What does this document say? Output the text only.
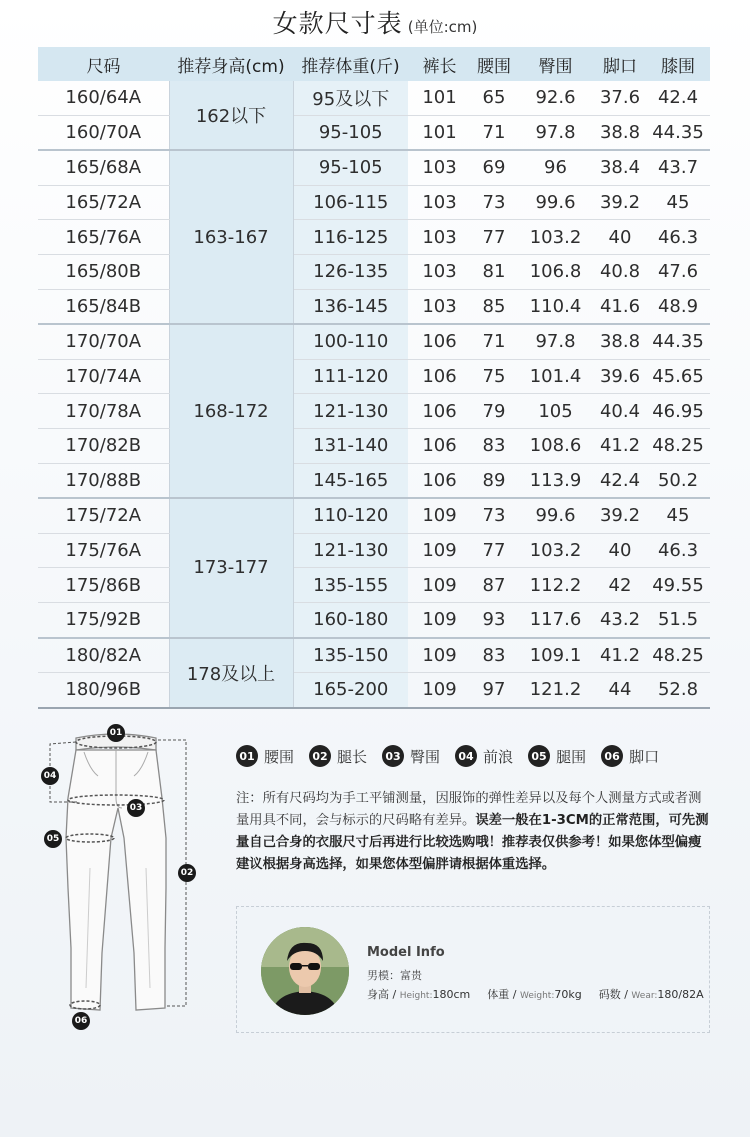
女款尺寸表 (单位:cm)
尺码	推荐身高(cm)	推荐体重(斤)	裤长	腰围	臀围	脚口	膝围
160/64A	162以下	95及以下	101	65	92.6	37.6	42.4
160/70A		95-105	101	71	97.8	38.8	44.35
165/68A	163-167	95-105	103	69	96	38.4	43.7
165/72A		106-115	103	73	99.6	39.2	45
165/76A		116-125	103	77	103.2	40	46.3
165/80B		126-135	103	81	106.8	40.8	47.6
165/84B		136-145	103	85	110.4	41.6	48.9
170/70A	168-172	100-110	106	71	97.8	38.8	44.35
170/74A		111-120	106	75	101.4	39.6	45.65
170/78A		121-130	106	79	105	40.4	46.95
170/82B		131-140	106	83	108.6	41.2	48.25
170/88B		145-165	106	89	113.9	42.4	50.2
175/72A	173-177	110-120	109	73	99.6	39.2	45
175/76A		121-130	109	77	103.2	40	46.3
175/86B		135-155	109	87	112.2	42	49.55
175/92B		160-180	109	93	117.6	43.2	51.5
180/82A	178及以上	135-150	109	83	109.1	41.2	48.25
180/96B		165-200	109	97	121.2	44	52.8
01
04
03
05
02
06
01 腰围	02 腿长	03 臀围	04 前浪	05 腿围	06 脚口
注：所有尺码均为手工平铺测量，因服饰的弹性差异以及每个人测量方式或者测量用具不同，会与标示的尺码略有差异。误差一般在1-3CM的正常范围，可先测量自己合身的衣服尺寸后再进行比较选购哦！推荐表仅供参考！如果您体型偏瘦建议根据身高选择，如果您体型偏胖请根据体重选择。
Model Info
男模：富贵
身高 / Height:180cm 体重 / Weight:70kg 码数 / Wear:180/82A
